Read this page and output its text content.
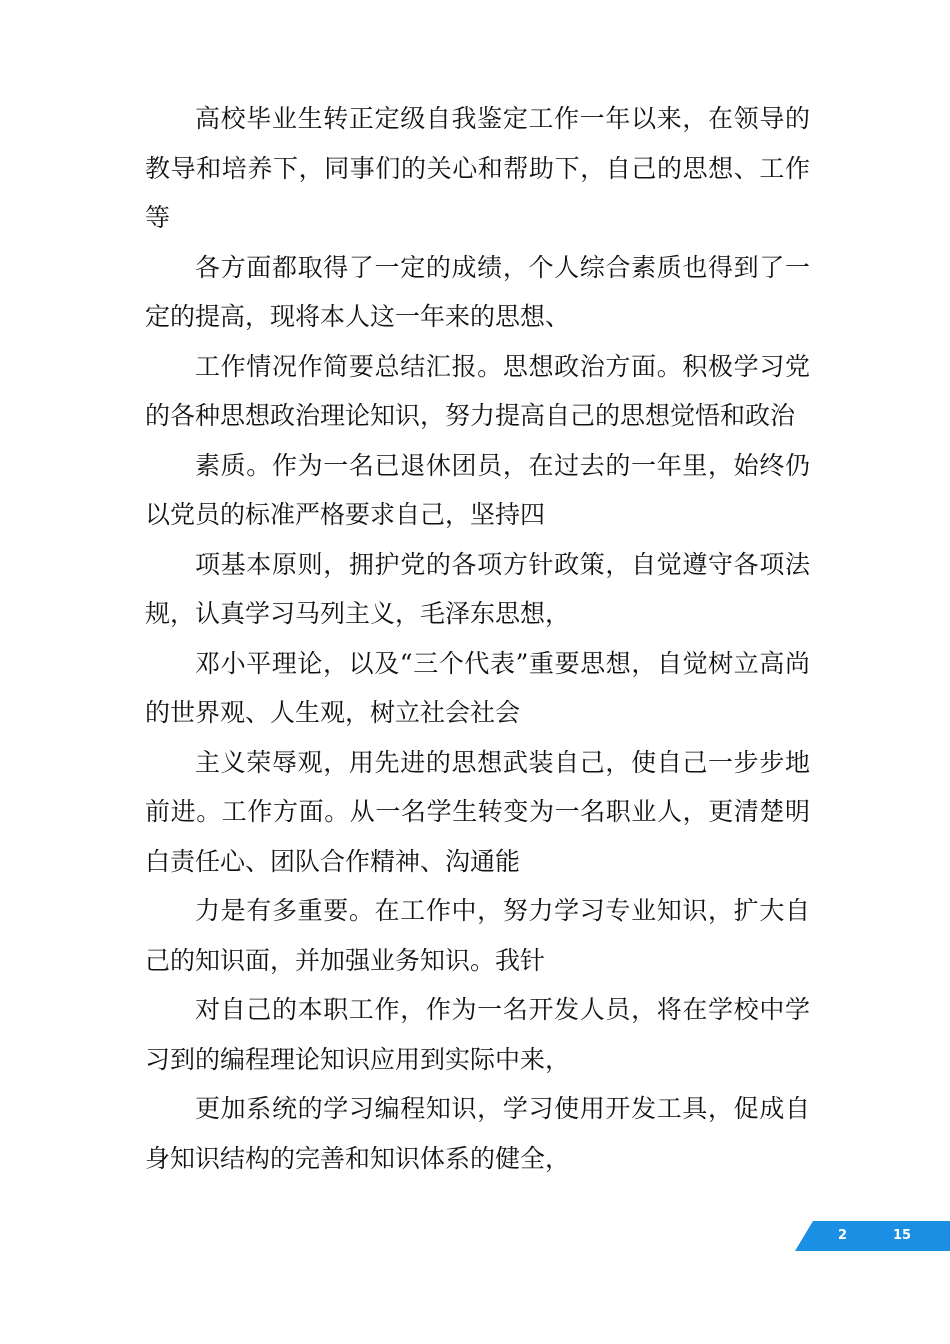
高校毕业生转正定级自我鉴定工作一年以来，在领导的教导和培养下，同事们的关心和帮助下，自己的思想、工作等

各方面都取得了一定的成绩，个人综合素质也得到了一定的提高，现将本人这一年来的思想、

工作情况作简要总结汇报。思想政治方面。积极学习党的各种思想政治理论知识，努力提高自己的思想觉悟和政治

素质。作为一名已退休团员，在过去的一年里，始终仍以党员的标准严格要求自己，坚持四

项基本原则，拥护党的各项方针政策，自觉遵守各项法规，认真学习马列主义，毛泽东思想，

邓小平理论，以及“三个代表”重要思想，自觉树立高尚的世界观、人生观，树立社会社会

主义荣辱观，用先进的思想武装自己，使自己一步步地前进。工作方面。从一名学生转变为一名职业人，更清楚明白责任心、团队合作精神、沟通能

力是有多重要。在工作中，努力学习专业知识，扩大自己的知识面，并加强业务知识。我针

对自己的本职工作，作为一名开发人员，将在学校中学习到的编程理论知识应用到实际中来，

更加系统的学习编程知识，学习使用开发工具，促成自身知识结构的完善和知识体系的健全，

2	15
